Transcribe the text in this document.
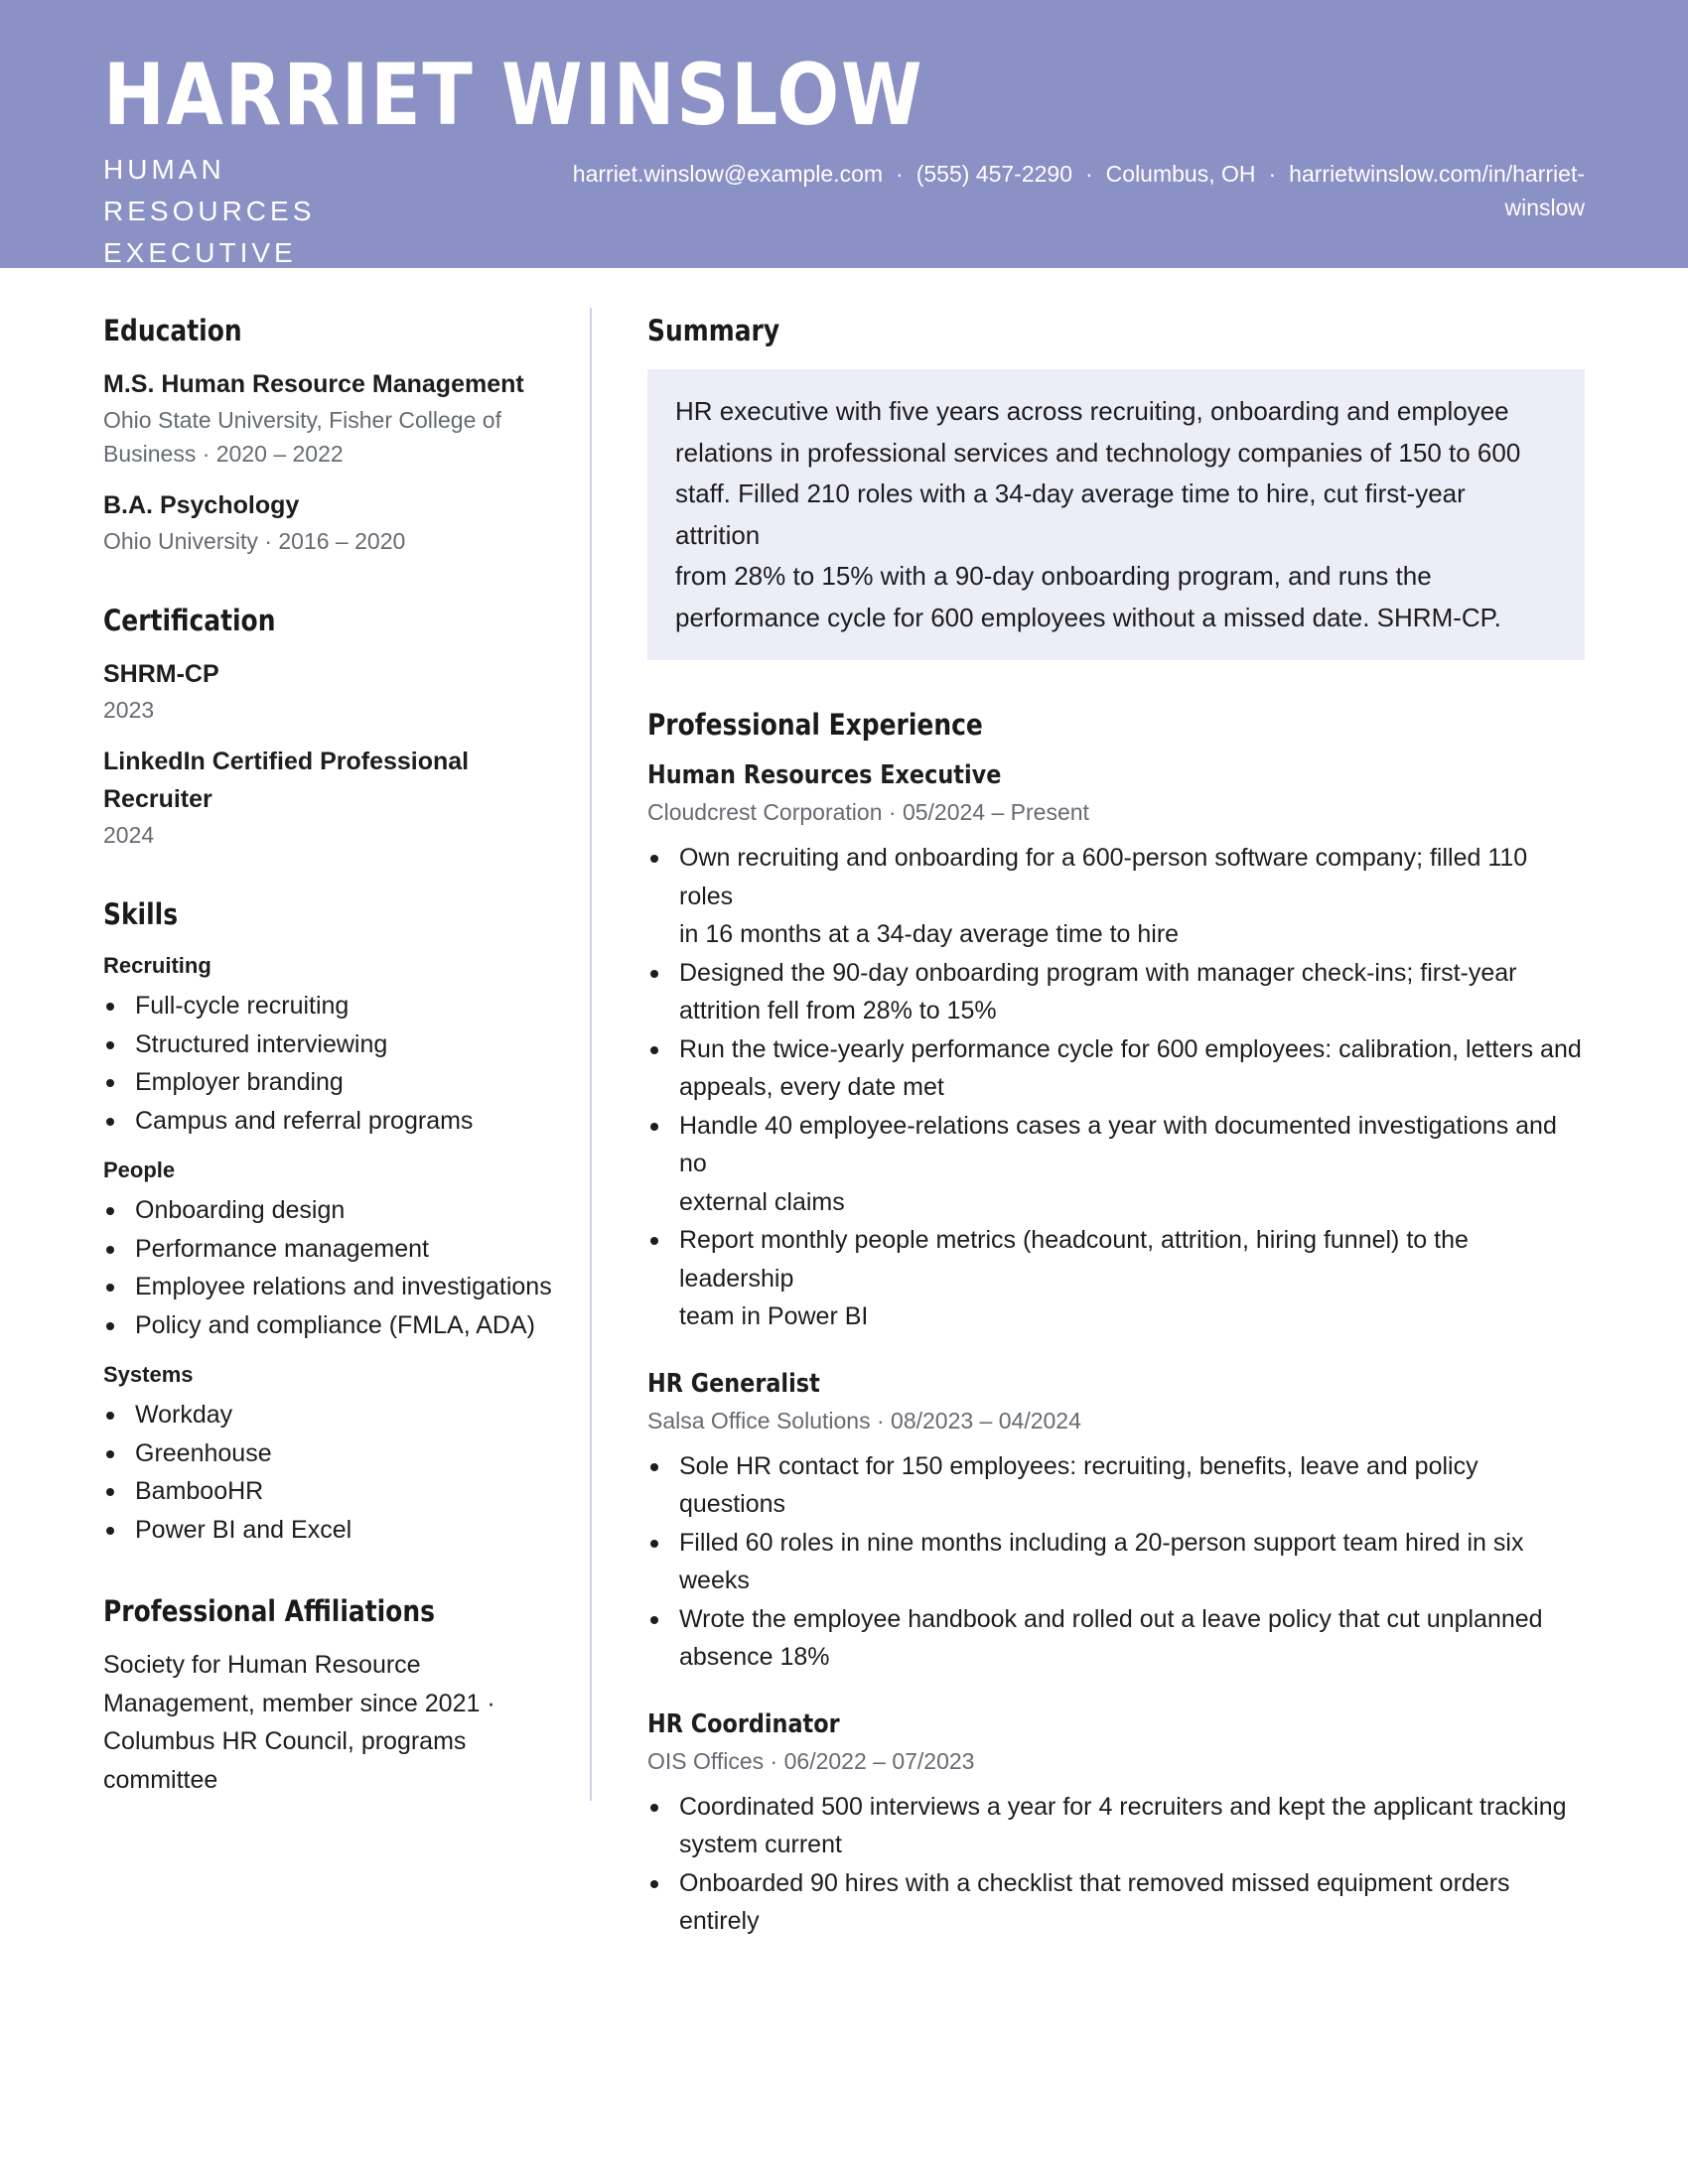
HARRIET WINSLOW
HUMAN RESOURCES
EXECUTIVE
harriet.winslow@example.com · (555) 457-2290 · Columbus, OH · harrietwinslow.com/in/harriet-
winslow
Education
M.S. Human Resource Management
Ohio State University, Fisher College of
Business · 2020 – 2022
B.A. Psychology
Ohio University · 2016 – 2020
Certification
SHRM-CP
2023
LinkedIn Certified Professional
Recruiter
2024
Skills
Recruiting
Full-cycle recruiting
Structured interviewing
Employer branding
Campus and referral programs
People
Onboarding design
Performance management
Employee relations and investigations
Policy and compliance (FMLA, ADA)
Systems
Workday
Greenhouse
BambooHR
Power BI and Excel
Professional Affiliations

Society for Human Resource

Management, member since 2021 ·

Columbus HR Council, programs

committee

Summary
HR executive with five years across recruiting, onboarding and employee
relations in professional services and technology companies of 150 to 600
staff. Filled 210 roles with a 34-day average time to hire, cut first-year attrition
from 28% to 15% with a 90-day onboarding program, and runs the
performance cycle for 600 employees without a missed date. SHRM-CP.
Professional Experience
Human Resources Executive
Cloudcrest Corporation · 05/2024 – Present
Own recruiting and onboarding for a 600-person software company; filled 110 roles
in 16 months at a 34-day average time to hire
Designed the 90-day onboarding program with manager check-ins; first-year
attrition fell from 28% to 15%
Run the twice-yearly performance cycle for 600 employees: calibration, letters and
appeals, every date met
Handle 40 employee-relations cases a year with documented investigations and no
external claims
Report monthly people metrics (headcount, attrition, hiring funnel) to the leadership
team in Power BI
HR Generalist
Salsa Office Solutions · 08/2023 – 04/2024
Sole HR contact for 150 employees: recruiting, benefits, leave and policy questions
Filled 60 roles in nine months including a 20-person support team hired in six weeks
Wrote the employee handbook and rolled out a leave policy that cut unplanned
absence 18%
HR Coordinator
OIS Offices · 06/2022 – 07/2023
Coordinated 500 interviews a year for 4 recruiters and kept the applicant tracking
system current
Onboarded 90 hires with a checklist that removed missed equipment orders
entirely
